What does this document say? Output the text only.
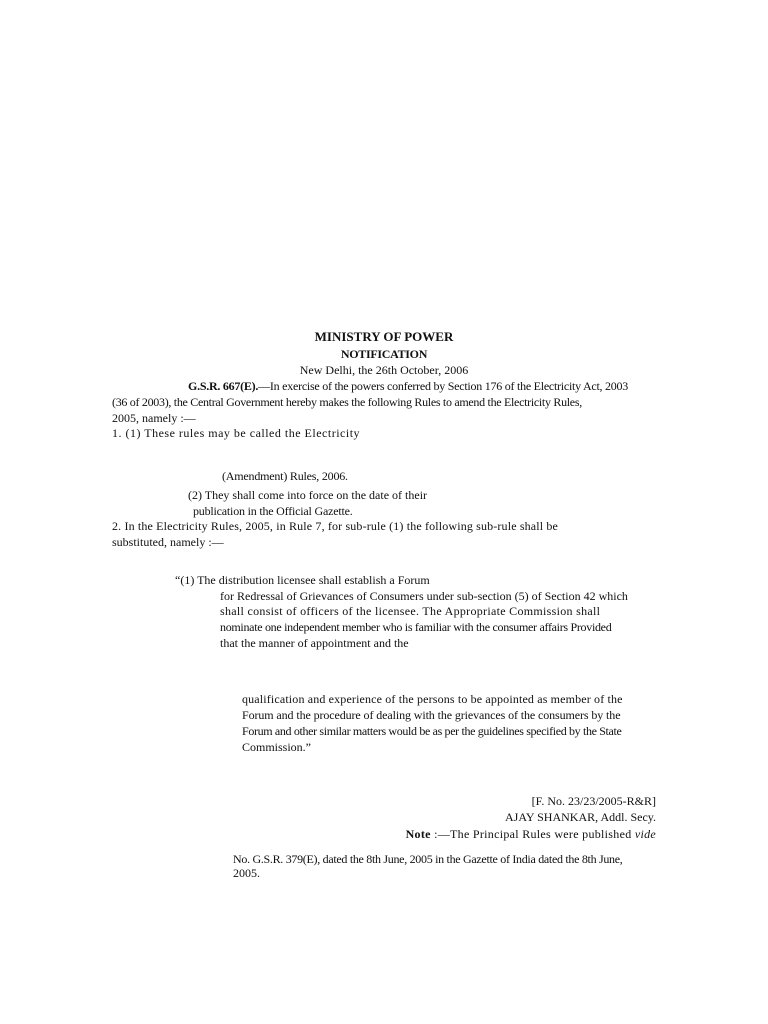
MINISTRY OF POWER
NOTIFICATION
New Delhi, the 26th October, 2006
G.S.R. 667(E).—In exercise of the powers conferred by Section 176 of the Electricity Act, 2003
(36 of 2003), the Central Government hereby makes the following Rules to amend the Electricity Rules,
2005, namely :—
1. (1) These rules may be called the Electricity
(Amendment) Rules, 2006.
(2) They shall come into force on the date of their
publication in the Official Gazette.
2. In the Electricity Rules, 2005, in Rule 7, for sub-rule (1) the following sub-rule shall be
substituted, namely :—
“(1) The distribution licensee shall establish a Forum
for Redressal of Grievances of Consumers under sub-section (5) of Section 42 which
shall consist of officers of the licensee. The Appropriate Commission shall
nominate one independent member who is familiar with the consumer affairs Provided
that the manner of appointment and the
qualification and experience of the persons to be appointed as member of the
Forum and the procedure of dealing with the grievances of the consumers by the
Forum and other similar matters would be as per the guidelines specified by the State
Commission.”
[F. No. 23/23/2005-R&R]
AJAY SHANKAR, Addl. Secy.
Note :—The Principal Rules were published vide
No. G.S.R. 379(E), dated the 8th June, 2005 in the Gazette of India dated the 8th June,
2005.
